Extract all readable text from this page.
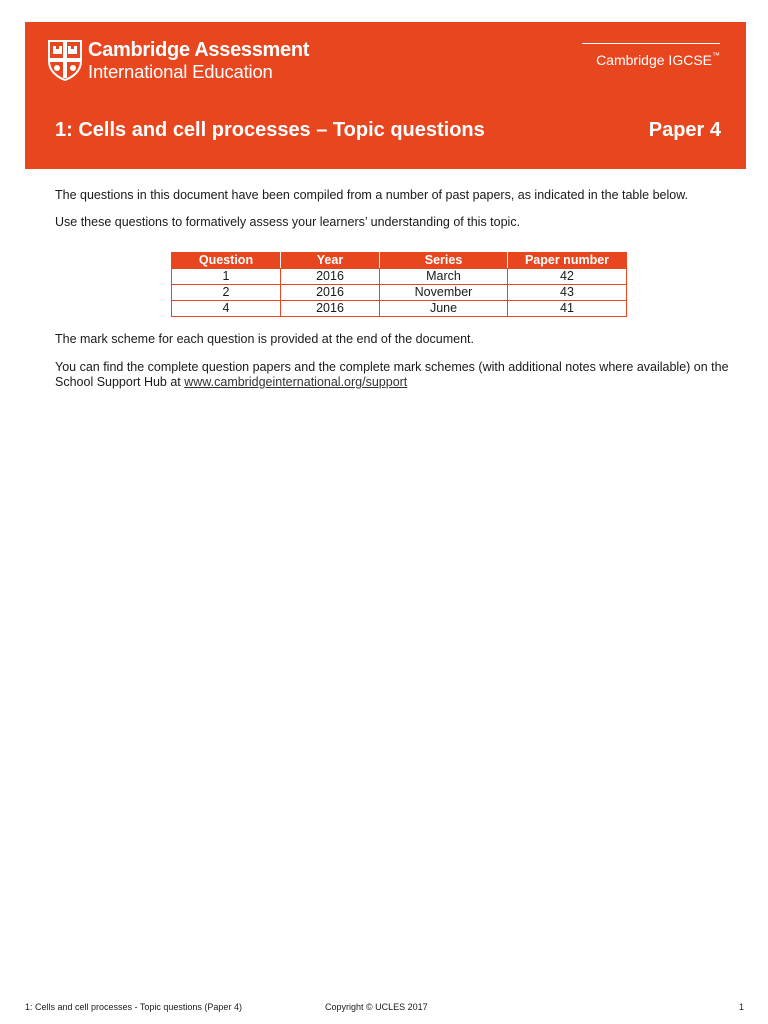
Cambridge Assessment
International Education
Cambridge IGCSE™
1: Cells and cell processes – Topic questions	Paper 4
The questions in this document have been compiled from a number of past papers, as indicated in the table below.
Use these questions to formatively assess your learners’ understanding of this topic.
Question	Year	Series	Paper number
1	2016	March	42
2	2016	November	43
4	2016	June	41
The mark scheme for each question is provided at the end of the document.
You can find the complete question papers and the complete mark schemes (with additional notes where available) on the School Support Hub at www.cambridgeinternational.org/support
1: Cells and cell processes - Topic questions (Paper 4)	Copyright © UCLES 2017	1
